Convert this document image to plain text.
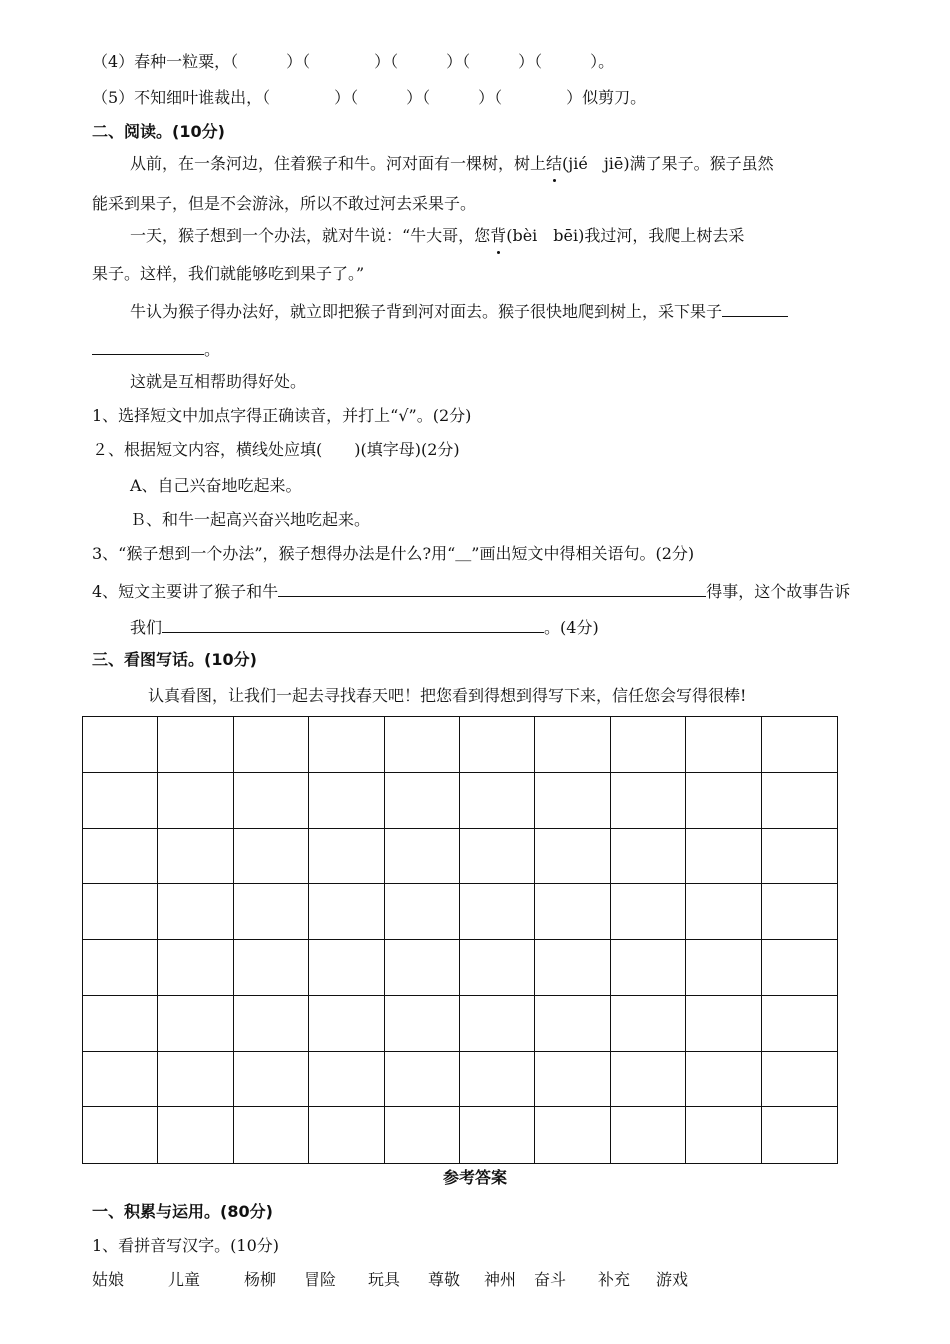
（4）春种一粒粟，（　　　）（　　　　）（　　　）（　　　）（　　　）。
（5）不知细叶谁裁出，（　　　　）（　　　）（　　　）（　　　　）似剪刀。
二、阅读。(10分)
从前，在一条河边，住着猴子和牛。河对面有一棵树，树上结(jié　jiē)满了果子。猴子虽然
能采到果子，但是不会游泳，所以不敢过河去采果子。
一天，猴子想到一个办法，就对牛说：“牛大哥，您背(bèi　bēi)我过河，我爬上树去采
果子。这样，我们就能够吃到果子了。”
牛认为猴子得办法好，就立即把猴子背到河对面去。猴子很快地爬到树上，采下果子
。
这就是互相帮助得好处。
1、选择短文中加点字得正确读音，并打上“√”。(2分)
２、根据短文内容，横线处应填(　　)(填字母)(2分)
A、自己兴奋地吃起来。
Ｂ、和牛一起高兴奋兴地吃起来。
3、“猴子想到一个办法”，猴子想得办法是什么?用“＿”画出短文中得相关语句。(2分)
4、短文主要讲了猴子和牛	得事，这个故事告诉
我们	。(4分)
三、看图写话。(10分)
认真看图，让我们一起去寻找春天吧！把您看到得想到得写下来，信任您会写得很棒!
参考答案
一、积累与运用。(80分)
1、看拼音写汉字。(10分)
姑娘	儿童	杨柳 冒险 玩具 尊敬 神州 奋斗 补充 游戏
